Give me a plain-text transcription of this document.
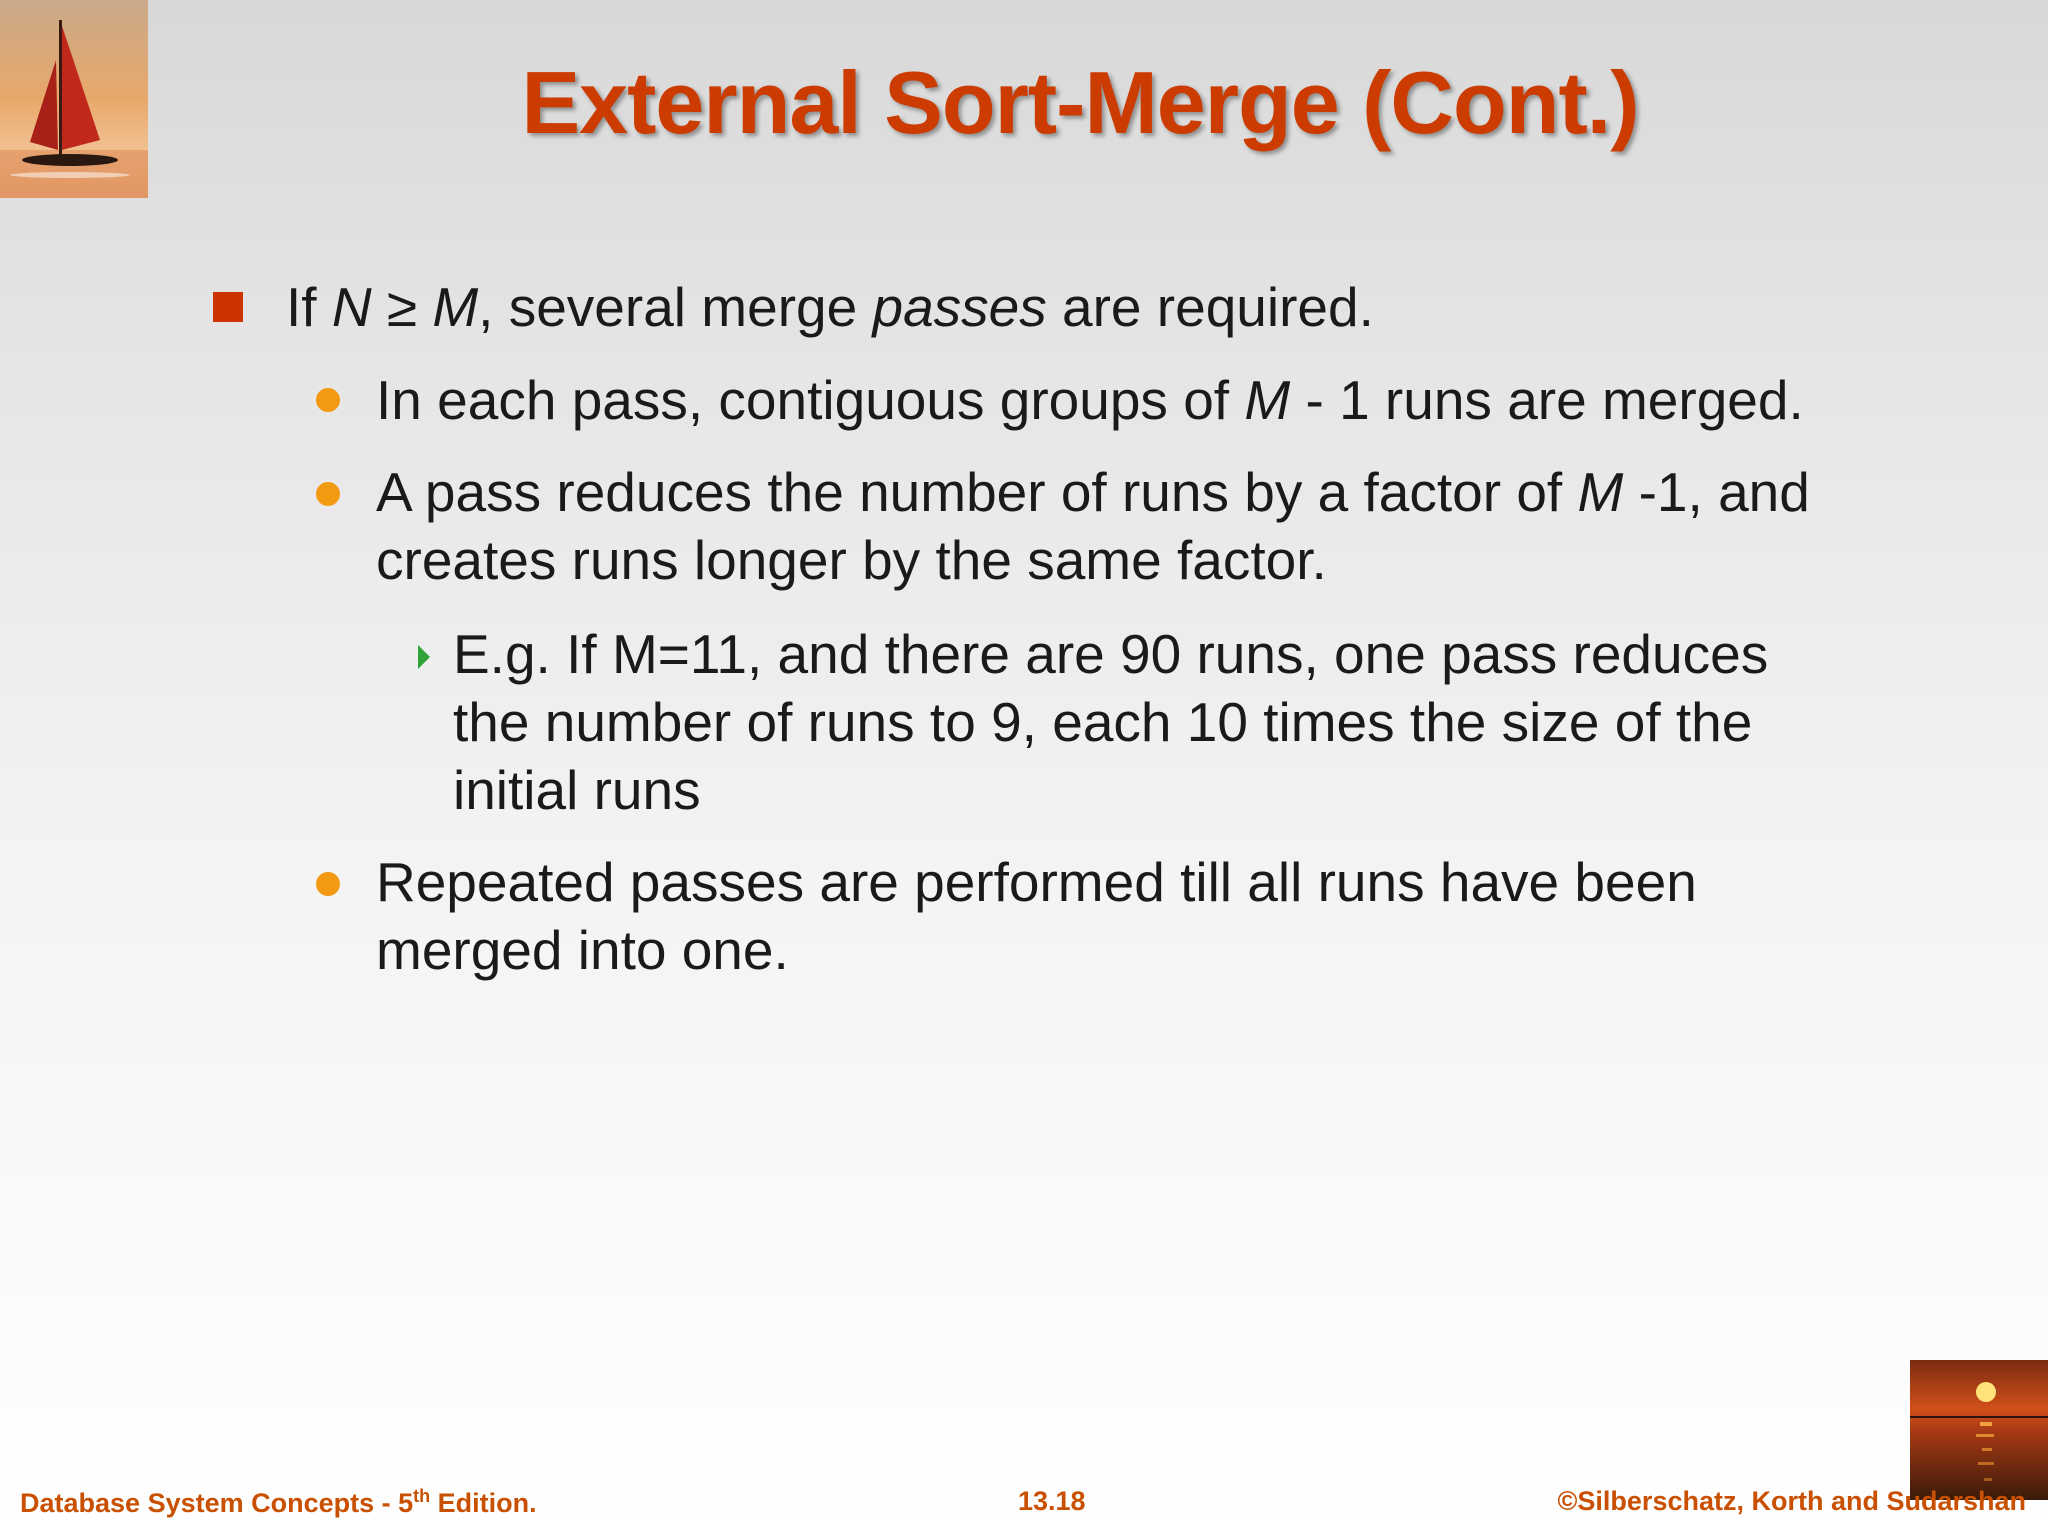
External Sort-Merge (Cont.)
If N ≥ M, several merge passes are required.
In each pass, contiguous groups of M - 1 runs are merged.
A pass reduces the number of runs by a factor of M -1, and
creates runs longer by the same factor.
E.g. If M=11, and there are 90 runs, one pass reduces
the number of runs to 9, each 10 times the size of the
initial runs
Repeated passes are performed till all runs have been
merged into one.
Database System Concepts - 5th Edition.	13.18	©Silberschatz, Korth and Sudarshan
